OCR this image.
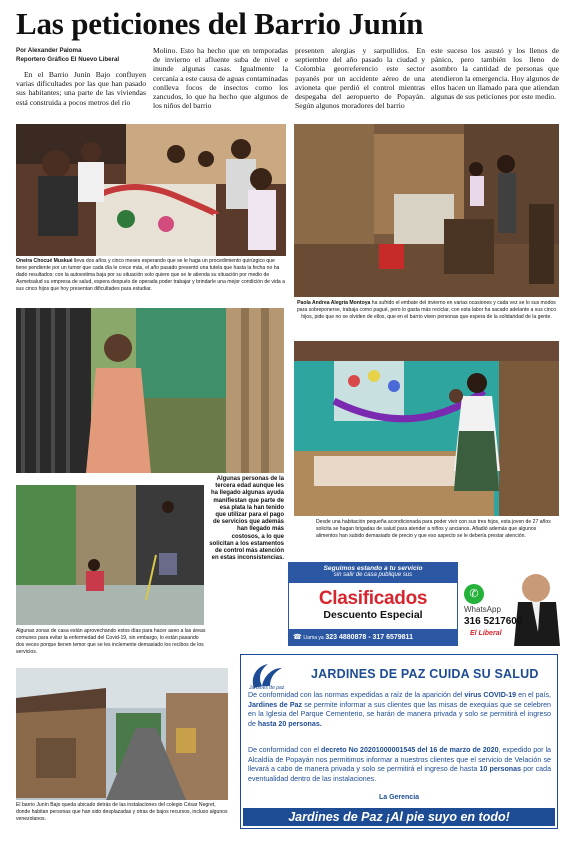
Las peticiones del Barrio Junín
Por Alexander Paloma
Reportero Gráfico El Nuevo Liberal
En el Barrio Junín Bajo confluyen varias dificultades por las que han pasado sus habitantes; una parte de las viviendas está construida a pocos metros del río
Molino. Esto ha hecho que en temporadas de invierno el afluente suba de nivel e inunde algunas casas. Igualmente la cercanía a este causa de aguas contaminadas conlleva focos de insectos como los zancudos, lo que ha hecho que algunos de los niños del barrio
presenten alergias y sarpullidos. En septiembre del año pasado la ciudad y Colombia georreferencio este sector payanés por un accidente aéreo de una avioneta que perdió el control mientras despegaba del aeropuerto de Popayán. Según algunos moradores del barrio
este suceso los asustó y los llenos de pánico, pero también los lleno de asombro la cantidad de personas que atendieron la emergencia. Hoy algunos de ellos hacen un llamado para que atiendan algunas de sus peticiones por este medio.
Oneira Chocué Muskué lleva dos años y cinco meses esperando que se le haga un procedimiento quirúrgico que tiene pendiente por un tumor que cada día le crece más, el año pasado presentó una tutela que hasta la fecha no ha dado resultados; con la autoestima baja por su situación solo quiere que se le atienda su situación por medio de Asmetsalud su empresa de salud, espera después de operada poder trabajar y brindarle una mejor condición de vida a sus cinco hijos que hoy presentan dificultades para estudiar.
Paola Andrea Alegría Montoya ha sufrido el embate del invierno en varias ocasiones y cada vez se lo sus modos para sobreponerse, trabaja como pagué, pero lo gasta más reciclar, con esta labor ha sacado adelante a sus cinco hijos, pide que no se olviden de ellos, que en el barrio viven personas que espera de la solidaridad de la gente.
Algunas personas de la tercera edad aunque les ha llegado algunas ayuda manifiestan que parte de esa plata la han tenido que utilizar para el pago de servicios que además han llegado más costosos, a lo que solicitan a los estamentos de control más atención en estas inconsistencias.
Desde una habitación pequeña acondicionada para poder vivir con sus tres hijos, esta joven de 27 años solicita se hagan brigadas de salud para atender a niños y ancianos. Afiadió además que algunos alimentos han subido demasiado de precio y que eso aspecto se le debería prestar atención.
Algunas zonas de casa están aprovechando estos días para hacer aseo a las áreas comunes para evitar la enfermedad del Covid-19, sin embargo, lo están pasando dos veces porque tienen temor que se les inclemente demasiado los recibos de los servicios.
El barrio Junín Bajo queda ubicado detrás de las instalaciones del colegio César Negret, donde habitan personas que han sido desplazadas y otras de bajos recursos, incluso algunos venezolanos.
Seguimos estando a tu servicio
sin salir de casa publique sus
Clasificados
Descuento Especial
☎ Llama ya 323 4880878 - 317 6579811
✆
WhatsApp
316 5217600
El Liberal
Jardines de paz
JARDINES DE PAZ CUIDA SU SALUD
De conformidad con las normas expedidas a raíz de la aparición del virus COVID-19 en el país, Jardines de Paz se permite informar a sus clientes que las misas de exequias que se celebren en la Iglesia del Parque Cementerio, se harán de manera privada y solo se permitirá el ingreso de hasta 20 personas.
De conformidad con el decreto No 20201000001545 del 16 de marzo de 2020, expedido por la Alcaldía de Popayán nos permitimos informar a nuestros clientes que el servicio de Velación se llevará a cabo de manera privada y solo se permitirá el ingreso de hasta 10 personas por cada eventualidad dentro de las instalaciones.
La Gerencia
Jardines de Paz ¡Al pie suyo en todo!
